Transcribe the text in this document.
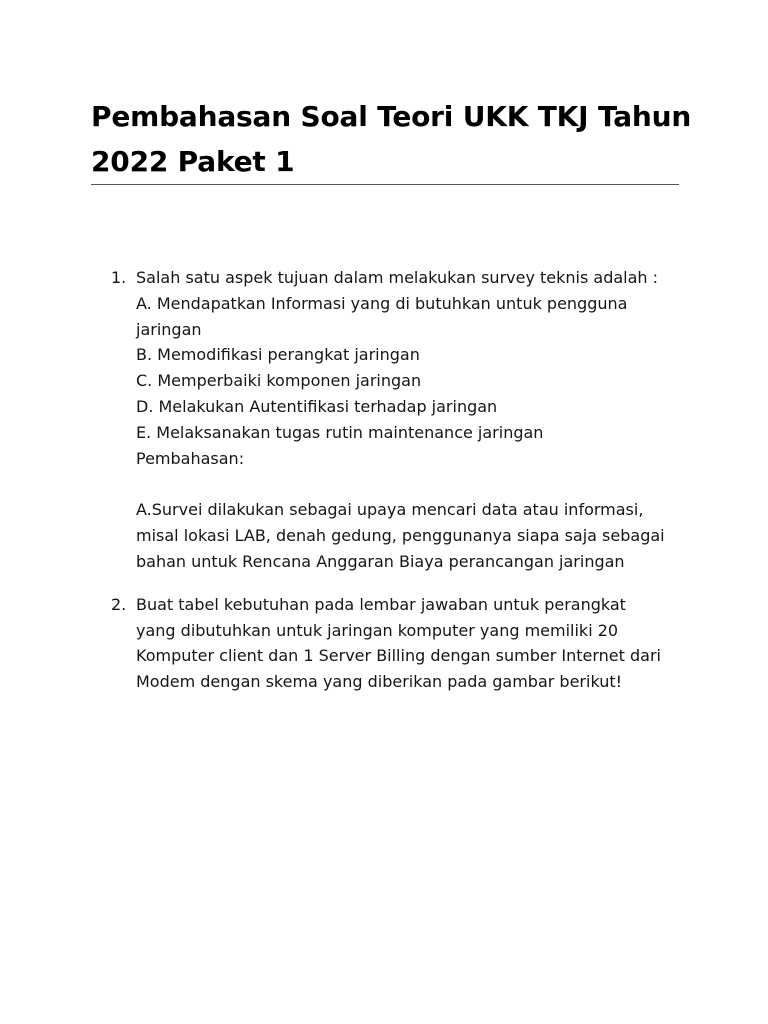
Pembahasan Soal Teori UKK TKJ Tahun
2022 Paket 1
1. Salah satu aspek tujuan dalam melakukan survey teknis adalah :
A. Mendapatkan Informasi yang di butuhkan untuk pengguna
jaringan
B. Memodifikasi perangkat jaringan
C. Memperbaiki komponen jaringan
D. Melakukan Autentifikasi terhadap jaringan
E. Melaksanakan tugas rutin maintenance jaringan
Pembahasan:
A.Survei dilakukan sebagai upaya mencari data atau informasi,
misal lokasi LAB, denah gedung, penggunanya siapa saja sebagai
bahan untuk Rencana Anggaran Biaya perancangan jaringan
2. Buat tabel kebutuhan pada lembar jawaban untuk perangkat
yang dibutuhkan untuk jaringan komputer yang memiliki 20
Komputer client dan 1 Server Billing dengan sumber Internet dari
Modem dengan skema yang diberikan pada gambar berikut!
